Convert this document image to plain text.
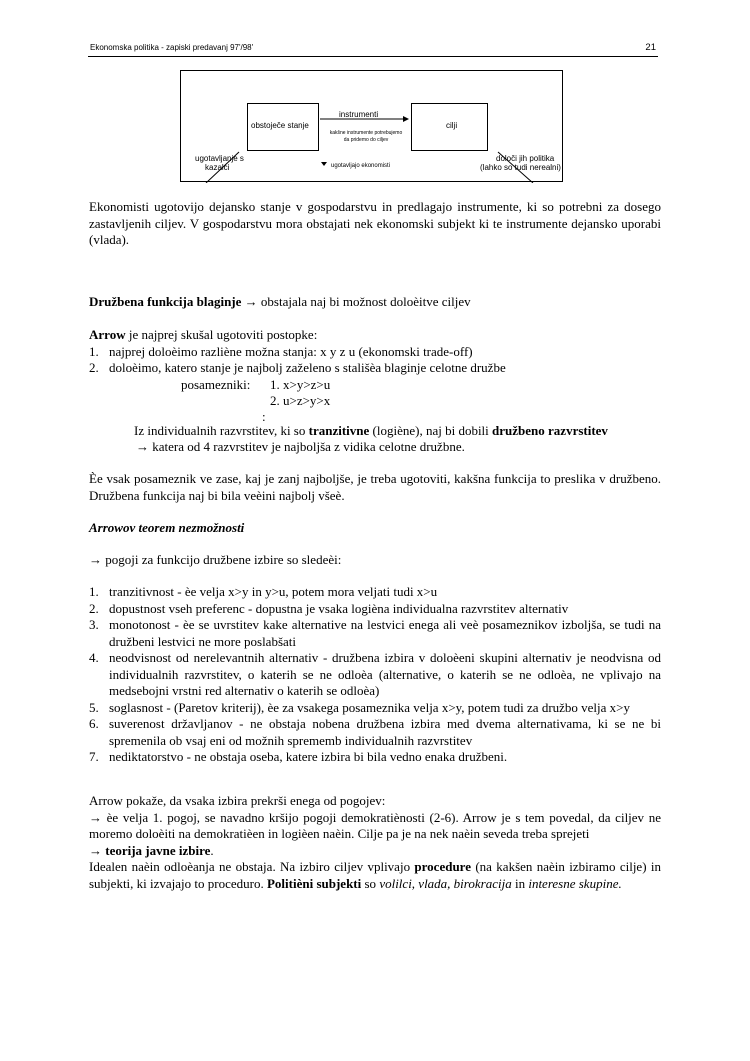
Ekonomska politika - zapiski predavanj 97'/98'	21
obstoječe stanje	cilji
instrumenti
kakšne instrumente potrebujemo
da pridemo do ciljev
ugotavljanje s
kazalci	ugotavljajo ekonomisti
določi jih politika
(lahko so tudi nerealni)
Ekonomisti ugotovijo dejansko stanje v gospodarstvu in predlagajo instrumente, ki so potrebni za dosego zastavljenih ciljev. V gospodarstvu mora obstajati nek ekonomski subjekt ki te instrumente dejansko uporabi (vlada).
Družbena funkcija blaginje → obstajala naj bi možnost doloèitve ciljev

Arrow je najprej skušal ugotoviti postopke:

1. najprej doloèimo razliène možna stanja: x y z u (ekonomski trade-off)
2. doloèimo, katero stanje je najbolj zaželeno s stališèa blaginje celotne družbe
posamezniki: 1. x>y>z>u
2. u>z>y>x
:
Iz individualnih razvrstitev, ki so tranzitivne (logiène), naj bi dobili družbeno razvrstitev
→ katera od 4 razvrstitev je najboljša z vidika celotne družbne.
Èe vsak posameznik ve zase, kaj je zanj najboljše, je treba ugotoviti, kakšna funkcija to preslika v družbeno. Družbena funkcija naj bi bila veèini najbolj všeè.
Arrowov teorem nezmožnosti
→ pogoji za funkcijo družbene izbire so sledeèi:
1. tranzitivnost - èe velja x>y in y>u, potem mora veljati tudi x>u
2. dopustnost vseh preferenc - dopustna je vsaka logièna individualna razvrstitev alternativ
3. monotonost - èe se uvrstitev kake alternative na lestvici enega ali veè posameznikov izboljša, se tudi na družbeni lestvici ne more poslabšati
4. neodvisnost od nerelevantnih alternativ - družbena izbira v doloèeni skupini alternativ je neodvisna od individualnih razvrstitev, o katerih se ne odloèa (alternative, o katerih se ne odloèa, ne vplivajo na medsebojni vrstni red alternativ o katerih se odloèa)
5. soglasnost - (Paretov kriterij), èe za vsakega posameznika velja x>y, potem tudi za družbo velja x>y
6. suverenost državljanov - ne obstaja nobena družbena izbira med dvema alternativama, ki se ne bi spremenila ob vsaj eni od možnih sprememb individualnih razvrstitev
7. nediktatorstvo - ne obstaja oseba, katere izbira bi bila vedno enaka družbeni.

Arrow pokaže, da vsaka izbira prekrši enega od pogojev:

→ èe velja 1. pogoj, se navadno kršijo pogoji demokratiènosti (2-6). Arrow je s tem povedal, da ciljev ne moremo doloèiti na demokratièen in logièen naèin. Cilje pa je na nek naèin seveda treba sprejeti
→ teorija javne izbire.

Idealen naèin odloèanja ne obstaja. Na izbiro ciljev vplivajo procedure (na kakšen naèin izbiramo cilje) in subjekti, ki izvajajo to proceduro. Politièni subjekti so volilci, vlada, birokracija in interesne skupine.
